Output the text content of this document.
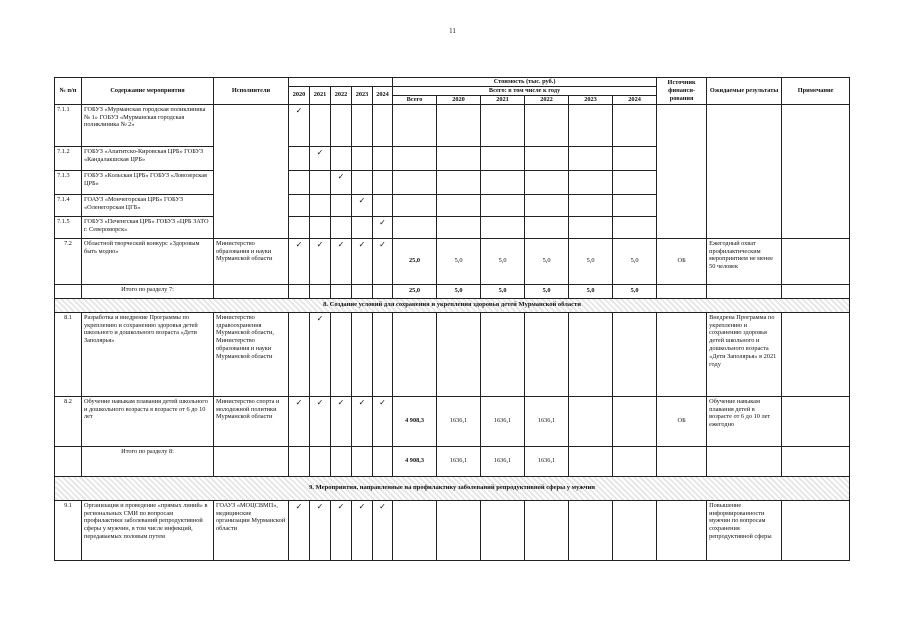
11
№ п/п	Содержание мероприятия	Исполнители						Стоимость (тыс. руб.)						Источник финанси-рования	Ожидаемые результаты	Примечание
			2020	2021	2022	2023	2024	Всего: в том числе к году								
								Всего	2020	2021	2022	2023	2024			
7.1.1	ГОБУЗ «Мурманская городская поликлиника № 1» ГОБУЗ «Мурманская городская поликлиника № 2»		✓													
7.1.2	ГОБУЗ «Апатитско-Кировская ЦРБ» ГОБУЗ «Кандалакшская ЦРБ»			✓												
7.1.3	ГОБУЗ «Кольская ЦРБ» ГОБУЗ «Ловозерская ЦРБ»				✓											
7.1.4	ГОАУЗ «Мончегорская ЦРБ» ГОБУЗ «Оленегорская ЦГБ»					✓										
7.1.5	ГОБУЗ «Печенгская ЦРБ» ГОБУЗ «ЦРБ ЗАТО г. Североморск»						✓									
7.2	Областной творческий конкурс «Здоровым быть модно»	Министерство образования и науки Мурманской области	✓	✓	✓	✓	✓	25,0	5,0	5,0	5,0	5,0	5,0	ОБ	Ежегодный охват профилактическим мероприятием не менее 50 человек	
	Итого по разделу 7:							25,0	5,0	5,0	5,0	5,0	5,0			
8. Создание условий для сохранения и укрепления здоровья детей Мурманской области																
8.1	Разработка и внедрение Программы по укреплению и сохранению здоровья детей школьного и дошкольного возраста «Дети Заполярья»	Министерство здравоохранения Мурманской области, Министерство образования и науки Мурманской области		✓											Внедрена Программа по укреплению и сохранению здоровья детей школьного и дошкольного возраста «Дети Заполярья» в 2021 году	
8.2	Обучение навыкам плавания детей школьного и дошкольного возраста в возрасте от 6 до 10 лет	Министерство спорта и молодежной политики Мурманской области	✓	✓	✓	✓	✓	4 908,3	1636,1	1636,1	1636,1			ОБ	Обучение навыкам плавания детей в возрасте от 6 до 10 лет ежегодно	
	Итого по разделу 8:							4 908,3	1636,1	1636,1	1636,1					
9. Мероприятия, направленные на профилактику заболеваний репродуктивной сферы у мужчин																
9.1	Организация и проведение «прямых линий» в региональных СМИ по вопросам профилактики заболеваний репродуктивной сферы у мужчин, в том числе инфекций, передаваемых половым путем	ГОАУЗ «МОЦСВМП», медицинские организации Мурманской области	✓	✓	✓	✓	✓								Повышение информированности мужчин по вопросам сохранения репродуктивной сферы	
